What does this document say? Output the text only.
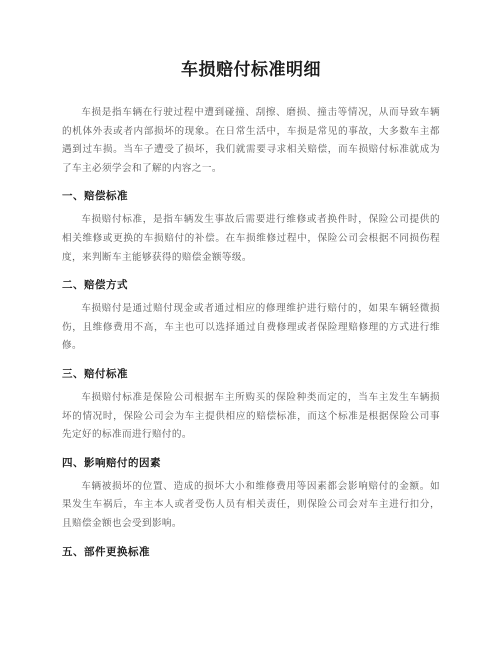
车损赔付标准明细

车损是指车辆在行驶过程中遭到碰撞、刮擦、磨损、撞击等情况，从而导致车辆的机体外表或者内部损坏的现象。在日常生活中，车损是常见的事故，大多数车主都遇到过车损。当车子遭受了损坏，我们就需要寻求相关赔偿，而车损赔付标准就成为了车主必须学会和了解的内容之一。

一、赔偿标准

车损赔付标准，是指车辆发生事故后需要进行维修或者换件时，保险公司提供的相关维修或更换的车损赔付的补偿。在车损维修过程中，保险公司会根据不同损伤程度，来判断车主能够获得的赔偿金额等级。

二、赔偿方式

车损赔付是通过赔付现金或者通过相应的修理维护进行赔付的，如果车辆轻微损伤，且维修费用不高，车主也可以选择通过自费修理或者保险理赔修理的方式进行维修。

三、赔付标准

车损赔付标准是保险公司根据车主所购买的保险种类而定的，当车主发生车辆损坏的情况时，保险公司会为车主提供相应的赔偿标准，而这个标准是根据保险公司事先定好的标准而进行赔付的。

四、影响赔付的因素

车辆被损坏的位置、造成的损坏大小和维修费用等因素都会影响赔付的金额。如果发生车祸后，车主本人或者受伤人员有相关责任，则保险公司会对车主进行扣分，且赔偿金额也会受到影响。

五、部件更换标准
